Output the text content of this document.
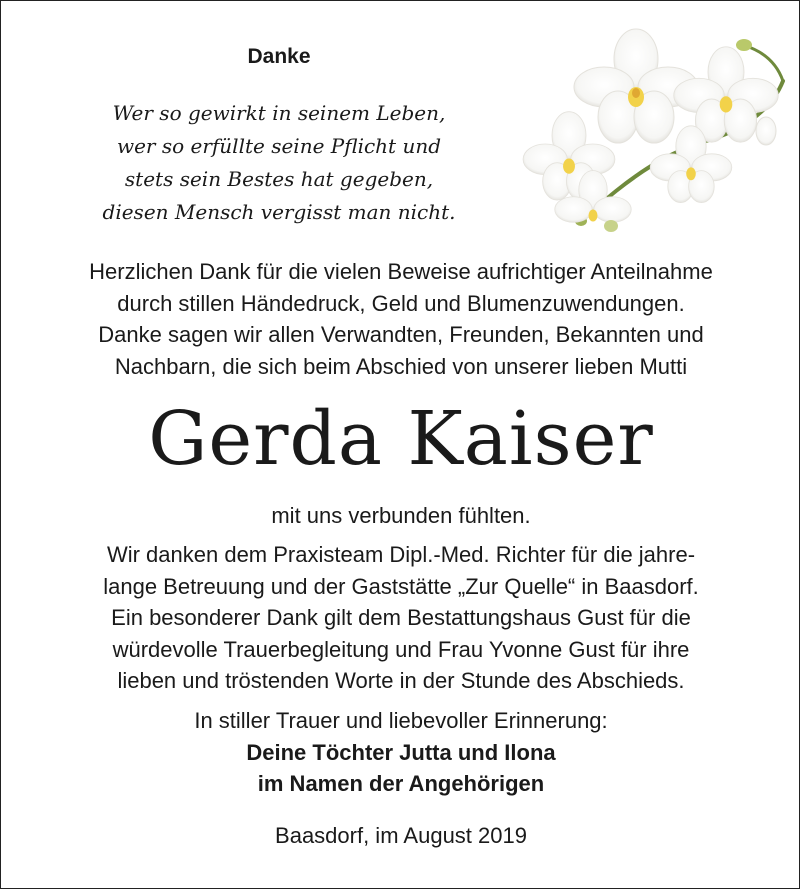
Danke
Wer so gewirkt in seinem Leben,
wer so erfüllte seine Pflicht und
stets sein Bestes hat gegeben,
diesen Mensch vergisst man nicht.
Herzlichen Dank für die vielen Beweise aufrichtiger Anteilnahme
durch stillen Händedruck, Geld und Blumenzuwendungen.
Danke sagen wir allen Verwandten, Freunden, Bekannten und
Nachbarn, die sich beim Abschied von unserer lieben Mutti
Gerda Kaiser
mit uns verbunden fühlten.
Wir danken dem Praxisteam Dipl.-Med. Richter für die jahre-
lange Betreuung und der Gaststätte „Zur Quelle“ in Baasdorf.
Ein besonderer Dank gilt dem Bestattungshaus Gust für die
würdevolle Trauerbegleitung und Frau Yvonne Gust für ihre
lieben und tröstenden Worte in der Stunde des Abschieds.
In stiller Trauer und liebevoller Erinnerung:
Deine Töchter Jutta und Ilona
im Namen der Angehörigen
Baasdorf, im August 2019
